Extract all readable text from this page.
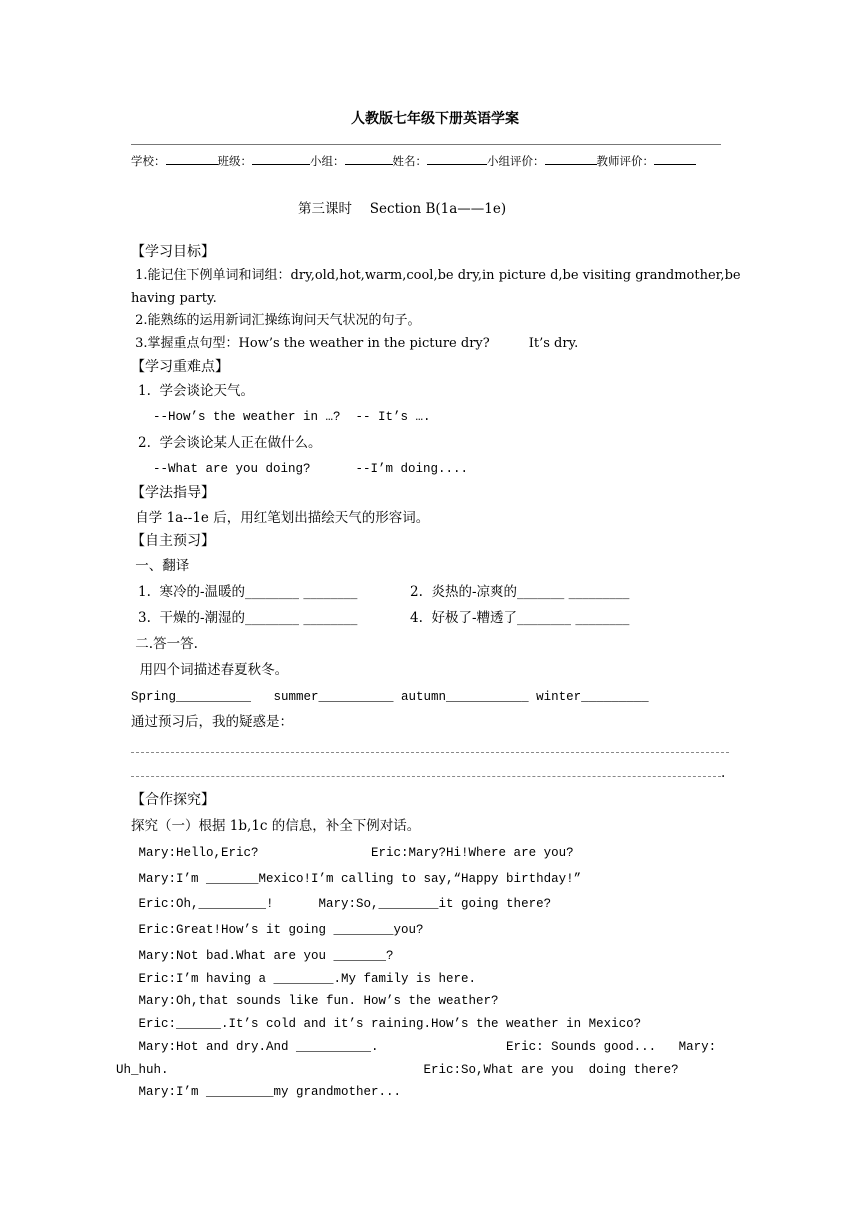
人教版七年级下册英语学案
学校：	班级：	小组：	姓名：	小组评价：	教师评价：
第三课时　 Section B(1a——1e)
【学习目标】
1.能记住下例单词和词组：dry,old,hot,warm,cool,be dry,in picture d,be visiting grandmother,be
having party.
2.能熟练的运用新词汇操练询问天气状况的句子。
3.掌握重点句型：How’s the weather in the picture dry?　　　It’s dry.
【学习重难点】
1.  学会谈论天气。
--How’s the weather in …?  -- It’s ….
2.  学会谈论某人正在做什么。
--What are you doing?      --I’m doing....
【学法指导】
自学 1a--1e 后，用红笔划出描绘天气的形容词。
【自主预习】
一、翻译
1.  寒冷的-温暖的________ ________	2.  炎热的-凉爽的_______ _________
3.  干燥的-潮湿的________ ________	4.  好极了-糟透了________ ________
二.答一答.
用四个词描述春夏秋冬。
Spring__________   summer__________ autumn___________ winter_________
通过预习后，我的疑惑是：
.
【合作探究】
探究（一）根据 1b,1c 的信息，补全下例对话。
Mary:Hello,Eric?               Eric:Mary?Hi!Where are you?
Mary:I’m _______Mexico!I’m calling to say,“Happy birthday!”
Eric:Oh,_________!      Mary:So,________it going there?
Eric:Great!How’s it going ________you?
Mary:Not bad.What are you _______?
Eric:I’m having a ________.My family is here.
Mary:Oh,that sounds like fun. How’s the weather?
Eric:______.It’s cold and it’s raining.How’s the weather in Mexico?
Mary:Hot and dry.And __________.                 Eric: Sounds good...   Mary:
Uh_huh.                                  Eric:So,What are you  doing there?
Mary:I’m _________my grandmother...
